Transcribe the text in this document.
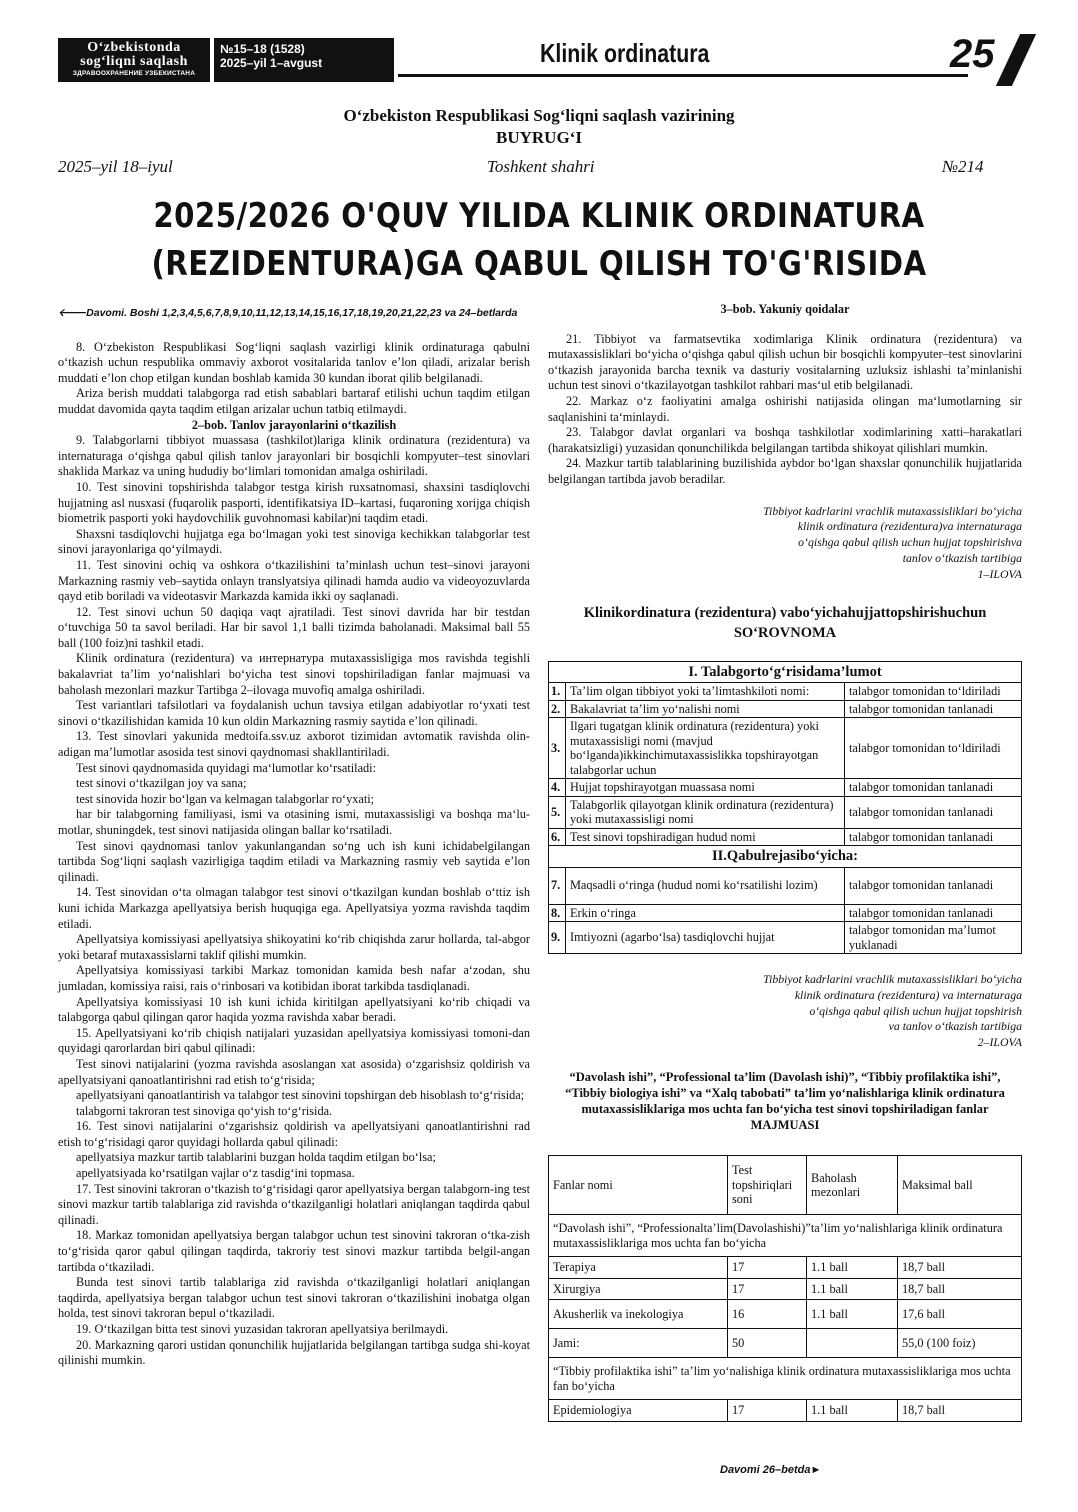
O‘zbekistonda
sog‘liqni saqlash
ЗДРАВООХРАНЕНИЕ УЗБЕКИСТАНА
№15–18 (1528)
2025–yil 1–avgust	Klinik ordinatura	25
O‘zbekiston Respublikasi Sog‘liqni saqlash vazirining
BUYRUG‘I
2025–yil 18–iyul	Toshkent shahri	№214
2025/2026 O'QUV YILIDA KLINIK ORDINATURA
(REZIDENTURA)GA QABUL QILISH TO'G'RISIDA
🡐Davomi. Boshi 1,2,3,4,5,6,7,8,9,10,11,12,13,14,15,16,17,18,19,20,21,22,23 va 24–betlarda

8. O‘zbekiston Respublikasi Sog‘liqni saqlash vazirligi klinik ordinaturaga qabulni o‘tkazish uchun respublika ommaviy axborot vositalarida tanlov e’lon qiladi, arizalar berish muddati e’lon chop etilgan kundan boshlab kamida 30 kundan iborat qilib belgilanadi.

Ariza berish muddati talabgorga rad etish sabablari bartaraf etilishi uchun taqdim etilgan muddat davomida qayta taqdim etilgan arizalar uchun tatbiq etilmaydi.

2–bob. Tanlov jarayonlarini o‘tkazilish

9. Talabgorlarni tibbiyot muassasa (tashkilot)lariga klinik ordinatura (rezidentura) va internaturaga o‘qishga qabul qilish tanlov jarayonlari bir bosqichli kompyuter–test sinovlari shaklida Markaz va uning hududiy bo‘limlari tomonidan amalga oshiriladi.

10. Test sinovini topshirishda talabgor testga kirish ruxsatnomasi, shaxsini tasdiqlovchi hujjatning asl nusxasi (fuqarolik pasporti, identifikatsiya ID–kartasi, fuqaroning xorijga chiqish biometrik pasporti yoki haydovchilik guvohnomasi kabilar)ni taqdim etadi.

Shaxsni tasdiqlovchi hujjatga ega bo‘lmagan yoki test sinoviga kechikkan talabgorlar test sinovi jarayonlariga qo‘yilmaydi.

11. Test sinovini ochiq va oshkora o‘tkazilishini ta’minlash uchun test–sinovi jarayoni Markazning rasmiy veb–saytida onlayn translyatsiya qilinadi hamda audio va videoyozuvlarda qayd etib boriladi va videotasvir Markazda kamida ikki oy saqlanadi.

12. Test sinovi uchun 50 daqiqa vaqt ajratiladi. Test sinovi davrida har bir testdan o‘tuvchiga 50 ta savol beriladi. Har bir savol 1,1 balli tizimda baholanadi. Maksimal ball 55 ball (100 foiz)ni tashkil etadi.

Klinik ordinatura (rezidentura) va интернатура mutaxassisligiga mos ravishda tegishli bakalavriat ta’lim yo‘nalishlari bo‘yicha test sinovi topshiriladigan fanlar majmuasi va baholash mezonlari mazkur Tartibga 2–ilovaga muvofiq amalga oshiriladi.

Test variantlari tafsilotlari va foydalanish uchun tavsiya etilgan adabiyotlar ro‘yxati test sinovi o‘tkazilishidan kamida 10 kun oldin Markazning rasmiy saytida e’lon qilinadi.

13. Test sinovlari yakunida medtoifa.ssv.uz axborot tizimidan avtomatik ravishda olin-adigan ma’lumotlar asosida test sinovi qaydnomasi shakllantiriladi.

Test sinovi qaydnomasida quyidagi ma‘lumotlar ko‘rsatiladi:

test sinovi o‘tkazilgan joy va sana;

test sinovida hozir bo‘lgan va kelmagan talabgorlar ro‘yxati;

har bir talabgorning familiyasi, ismi va otasining ismi, mutaxassisligi va boshqa ma‘lu-motlar, shuningdek, test sinovi natijasida olingan ballar ko‘rsatiladi.

Test sinovi qaydnomasi tanlov yakunlangandan so‘ng uch ish kuni ichidabelgilangan tartibda Sog‘liqni saqlash vazirligiga taqdim etiladi va Markazning rasmiy veb saytida e’lon qilinadi.

14. Test sinovidan o‘ta olmagan talabgor test sinovi o‘tkazilgan kundan boshlab o‘ttiz ish kuni ichida Markazga apellyatsiya berish huquqiga ega. Apellyatsiya yozma ravishda taqdim etiladi.

Apellyatsiya komissiyasi apellyatsiya shikoyatini ko‘rib chiqishda zarur hollarda, tal-abgor yoki betaraf mutaxassislarni taklif qilishi mumkin.

Apellyatsiya komissiyasi tarkibi Markaz tomonidan kamida besh nafar a‘zodan, shu jumladan, komissiya raisi, rais o‘rinbosari va kotibidan iborat tarkibda tasdiqlanadi.

Apellyatsiya komissiyasi 10 ish kuni ichida kiritilgan apellyatsiyani ko‘rib chiqadi va talabgorga qabul qilingan qaror haqida yozma ravishda xabar beradi.

15. Apellyatsiyani ko‘rib chiqish natijalari yuzasidan apellyatsiya komissiyasi tomoni-dan quyidagi qarorlardan biri qabul qilinadi:

Test sinovi natijalarini (yozma ravishda asoslangan xat asosida) o‘zgarishsiz qoldirish va apellyatsiyani qanoatlantirishni rad etish to‘g‘risida;

apellyatsiyani qanoatlantirish va talabgor test sinovini topshirgan deb hisoblash to‘g‘risida;

talabgorni takroran test sinoviga qo‘yish to‘g‘risida.

16. Test sinovi natijalarini o‘zgarishsiz qoldirish va apellyatsiyani qanoatlantirishni rad etish to‘g‘risidagi qaror quyidagi hollarda qabul qilinadi:

apellyatsiya mazkur tartib talablarini buzgan holda taqdim etilgan bo‘lsa;

apellyatsiyada ko‘rsatilgan vajlar o‘z tasdig‘ini topmasa.

17. Test sinovini takroran o‘tkazish to‘g‘risidagi qaror apellyatsiya bergan talabgorn-ing test sinovi mazkur tartib talablariga zid ravishda o‘tkazilganligi holatlari aniqlangan taqdirda qabul qilinadi.

18. Markaz tomonidan apellyatsiya bergan talabgor uchun test sinovini takroran o‘tka-zish to‘g‘risida qaror qabul qilingan taqdirda, takroriy test sinovi mazkur tartibda belgil-angan tartibda o‘tkaziladi.

Bunda test sinovi tartib talablariga zid ravishda o‘tkazilganligi holatlari aniqlangan taqdirda, apellyatsiya bergan talabgor uchun test sinovi takroran o‘tkazilishini inobatga olgan holda, test sinovi takroran bepul o‘tkaziladi.

19. O‘tkazilgan bitta test sinovi yuzasidan takroran apellyatsiya berilmaydi.

20. Markazning qarori ustidan qonunchilik hujjatlarida belgilangan tartibga sudga shi-koyat qilinishi mumkin.

3–bob. Yakuniy qoidalar

21. Tibbiyot va farmatsevtika xodimlariga Klinik ordinatura (rezidentura) va mutaxassisliklari bo‘yicha o‘qishga qabul qilish uchun bir bosqichli kompyuter–test sinovlarini o‘tkazish jarayonida barcha texnik va dasturiy vositalarning uzluksiz ishlashi ta’minlanishi uchun test sinovi o‘tkazilayotgan tashkilot rahbari mas‘ul etib belgilanadi.

22. Markaz o‘z faoliyatini amalga oshirishi natijasida olingan ma‘lumotlarning sir saqlanishini ta‘minlaydi.

23. Talabgor davlat organlari va boshqa tashkilotlar xodimlarining xatti–harakatlari (harakatsizligi) yuzasidan qonunchilikda belgilangan tartibda shikoyat qilishlari mumkin.

24. Mazkur tartib talablarining buzilishida aybdor bo‘lgan shaxslar qonunchilik hujjatlarida belgilangan tartibda javob beradilar.

Tibbiyot kadrlarini vrachlik mutaxassisliklari bo‘yicha
klinik ordinatura (rezidentura)va internaturaga
o‘qishga qabul qilish uchun hujjat topshirishva
tanlov o‘tkazish tartibiga
1–ILOVA
Klinikordinatura (rezidentura) vabo‘yichahujjattopshirishuchun
SO‘ROVNOMA
I. Talabgorto‘g‘risidama’lumot		
1.	Ta’lim olgan tibbiyot yoki ta’limtashkiloti nomi:	talabgor tomonidan to‘ldiriladi
2.	Bakalavriat ta’lim yo‘nalishi nomi	talabgor tomonidan tanlanadi
3.	Ilgari tugatgan klinik ordinatura (rezidentura) yoki mutaxassisligi nomi (mavjud bo‘lganda)ikkinchimutaxassislikka topshirayotgan talabgorlar uchun	talabgor tomonidan to‘ldiriladi
4.	Hujjat topshirayotgan muassasa nomi	talabgor tomonidan tanlanadi
5.	Talabgorlik qilayotgan klinik ordinatura (rezidentura) yoki mutaxassisligi nomi	talabgor tomonidan tanlanadi
6.	Test sinovi topshiradigan hudud nomi	talabgor tomonidan tanlanadi
II.Qabulrejasibo‘yicha:		
7.	Maqsadli o‘ringa (hudud nomi ko‘rsatilishi lozim)	talabgor tomonidan tanlanadi
8.	Erkin o‘ringa	talabgor tomonidan tanlanadi
9.	Imtiyozni (agarbo‘lsa) tasdiqlovchi hujjat	talabgor tomonidan ma’lumot yuklanadi
Tibbiyot kadrlarini vrachlik mutaxassisliklari bo‘yicha
klinik ordinatura (rezidentura) va internaturaga
o‘qishga qabul qilish uchun hujjat topshirish
va tanlov o‘tkazish tartibiga
2–ILOVA
“Davolash ishi”, “Professional ta’lim (Davolash ishi)”, “Tibbiy profilaktika ishi”, “Tibbiy biologiya ishi” va “Xalq tabobati” ta’lim yo‘nalishlariga klinik ordinatura mutaxassisliklariga mos uchta fan bo‘yicha test sinovi topshiriladigan fanlar
MAJMUASI
Fanlar nomi	Test topshiriqlari soni	Baholash mezonlari	Maksimal ball
“Davolash ishi”, “Professionalta’lim(Davolashishi)”ta’lim yo‘nalishlariga klinik ordinatura mutaxassisliklariga mos uchta fan bo‘yicha			
Terapiya	17	1.1 ball	18,7 ball
Xirurgiya	17	1.1 ball	18,7 ball
Akusherlik va inekologiya	16	1.1 ball	17,6 ball
Jami:	50		55,0 (100 foiz)
“Tibbiy profilaktika ishi” ta’lim yo‘nalishiga klinik ordinatura mutaxassisliklariga mos uchta fan bo‘yicha			
Epidemiologiya	17	1.1 ball	18,7 ball
Davomi 26–betda►
